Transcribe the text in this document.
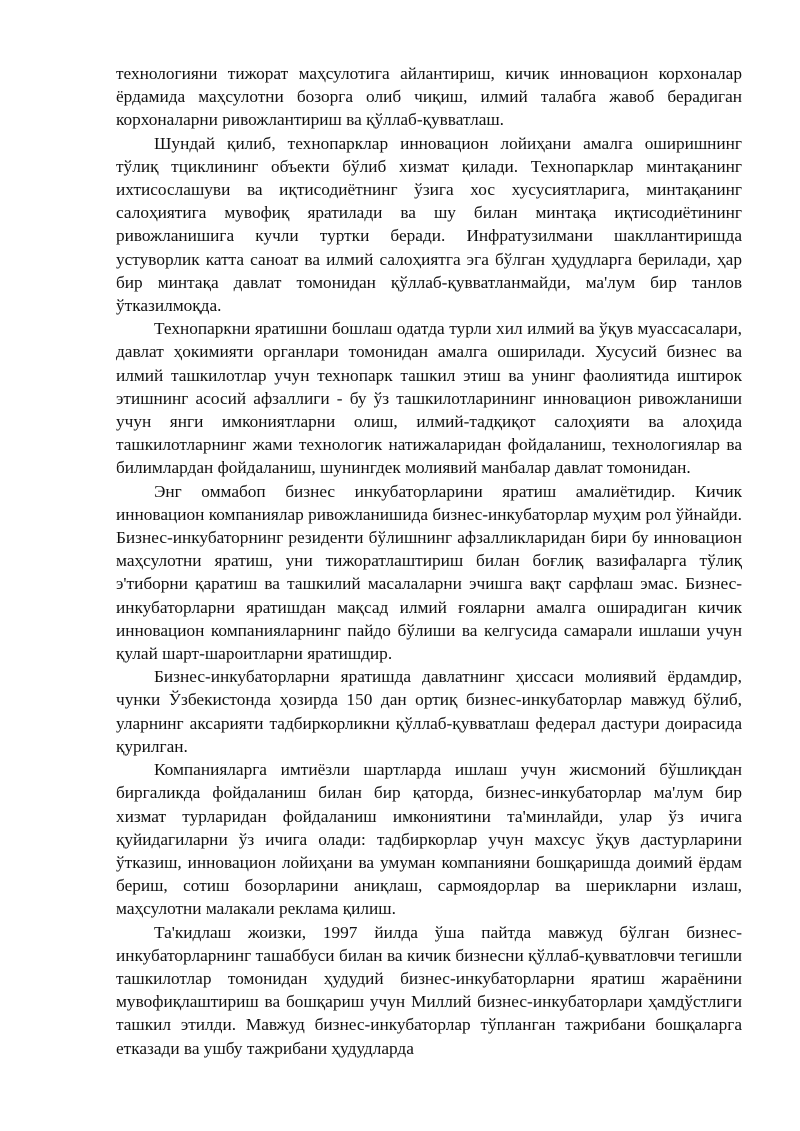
технологияни тижорат маҳсулотига айлантириш, кичик инновацион корхоналар ёрдамида маҳсулотни бозорга олиб чиқиш, илмий талабга жавоб берадиган корхоналарни ривожлантириш ва қўллаб-қувватлаш.

Шундай қилиб, технопарклар инновацион лойиҳани амалга оширишнинг тўлиқ тциклининг объекти бўлиб хизмат қилади. Технопарклар минтақанинг ихтисослашуви ва иқтисодиётнинг ўзига хос хусусиятларига, минтақанинг салоҳиятига мувофиқ яратилади ва шу билан минтақа иқтисодиётининг ривожланишига кучли туртки беради. Инфратузилмани шакллантиришда устуворлик катта саноат ва илмий салоҳиятга эга бўлган ҳудудларга берилади, ҳар бир минтақа давлат томонидан қўллаб-қувватланмайди, ма'лум бир танлов ўтказилмоқда.

Технопаркни яратишни бошлаш одатда турли хил илмий ва ўқув муассасалари, давлат ҳокимияти органлари томонидан амалга оширилади. Хусусий бизнес ва илмий ташкилотлар учун технопарк ташкил этиш ва унинг фаолиятида иштирок этишнинг асосий афзаллиги - бу ўз ташкилотларининг инновацион ривожланиши учун янги имкониятларни олиш, илмий-тадқиқот салоҳияти ва алоҳида ташкилотларнинг жами технологик натижаларидан фойдаланиш, технологиялар ва билимлардан фойдаланиш, шунингдек молиявий манбалар давлат томонидан.

Энг оммабоп бизнес инкубаторларини яратиш амалиётидир. Кичик инновацион компаниялар ривожланишида бизнес-инкубаторлар муҳим рол ўйнайди. Бизнес-инкубаторнинг резиденти бўлишнинг афзалликларидан бири бу инновацион маҳсулотни яратиш, уни тижоратлаштириш билан боғлиқ вазифаларга тўлиқ э'тиборни қаратиш ва ташкилий масалаларни эчишга вақт сарфлаш эмас. Бизнес-инкубаторларни яратишдан мақсад илмий ғояларни амалга оширадиган кичик инновацион компанияларнинг пайдо бўлиши ва келгусида самарали ишлаши учун қулай шарт-шароитларни яратишдир.

Бизнес-инкубаторларни яратишда давлатнинг ҳиссаси молиявий ёрдамдир, чунки Ўзбекистонда ҳозирда 150 дан ортиқ бизнес-инкубаторлар мавжуд бўлиб, уларнинг аксарияти тадбиркорликни қўллаб-қувватлаш федерал дастури доирасида қурилган.

Компанияларга имтиёзли шартларда ишлаш учун жисмоний бўшлиқдан биргаликда фойдаланиш билан бир қаторда, бизнес-инкубаторлар ма'лум бир хизмат турларидан фойдаланиш имкониятини та'минлайди, улар ўз ичига қуйидагиларни ўз ичига олади: тадбиркорлар учун махсус ўқув дастурларини ўтказиш, инновацион лойиҳани ва умуман компанияни бошқаришда доимий ёрдам бериш, сотиш бозорларини аниқлаш, сармоядорлар ва шерикларни излаш, маҳсулотни малакали реклама қилиш.

Та'кидлаш жоизки, 1997 йилда ўша пайтда мавжуд бўлган бизнес-инкубаторларнинг ташаббуси билан ва кичик бизнесни қўллаб-қувватловчи тегишли ташкилотлар томонидан ҳудудий бизнес-инкубаторларни яратиш жараёнини мувофиқлаштириш ва бошқариш учун Миллий бизнес-инкубаторлари ҳамдўстлиги ташкил этилди. Мавжуд бизнес-инкубаторлар тўпланган тажрибани бошқаларга етказади ва ушбу тажрибани ҳудудларда
